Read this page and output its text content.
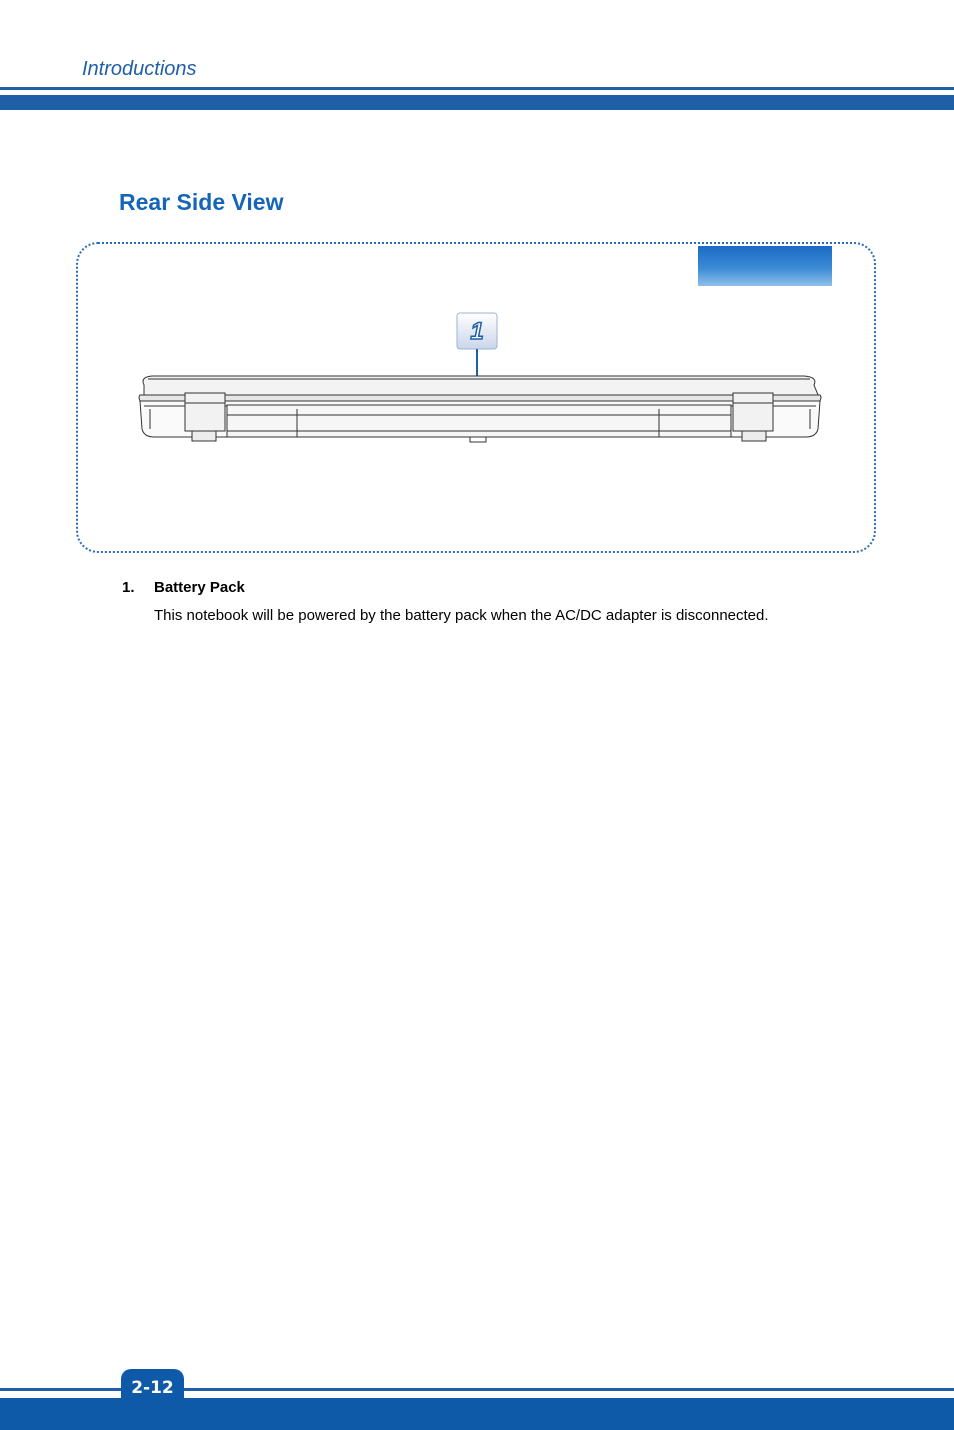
Introductions
Rear Side View
1
1. Battery Pack
This notebook will be powered by the battery pack when the AC/DC adapter is disconnected.
2-12
